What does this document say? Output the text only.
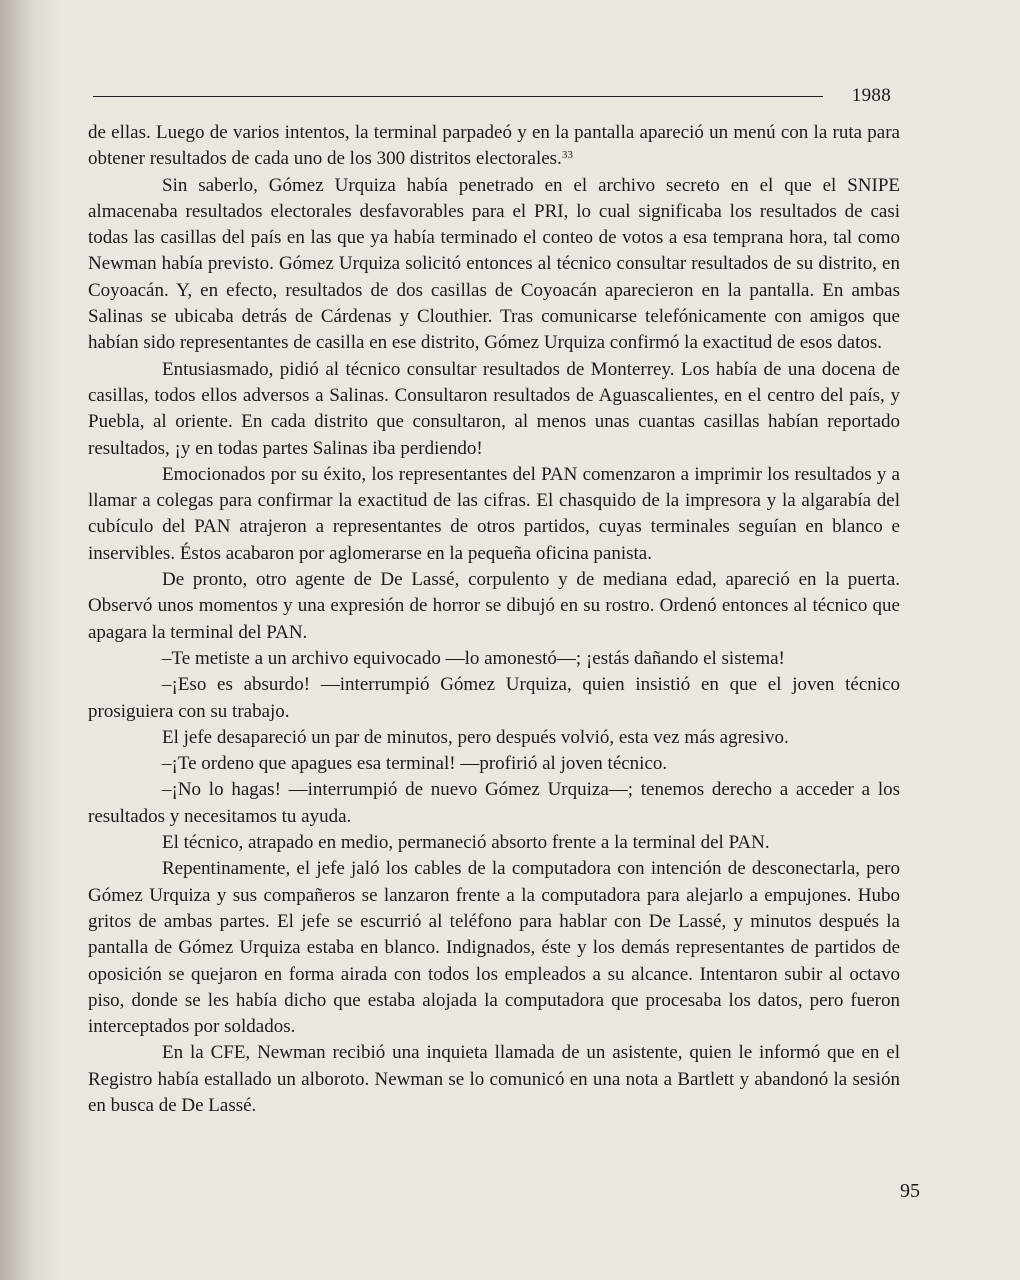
1988

de ellas. Luego de varios intentos, la terminal parpadeó y en la pantalla apareció un menú con la ruta para obtener resultados de cada uno de los 300 distritos electorales.$^{33}$

Sin saberlo, Gómez Urquiza había penetrado en el archivo secreto en el que el SNIPE almacenaba resultados electorales desfavorables para el PRI, lo cual significaba los resultados de casi todas las casillas del país en las que ya había terminado el conteo de votos a esa temprana hora, tal como Newman había previsto. Gómez Urquiza solicitó entonces al técnico consultar resultados de su distrito, en Coyoacán. Y, en efecto, resultados de dos casillas de Coyoacán aparecieron en la pantalla. En ambas Salinas se ubicaba detrás de Cárdenas y Clouthier. Tras comunicarse telefónicamente con amigos que habían sido representantes de casilla en ese distrito, Gómez Urquiza confirmó la exactitud de esos datos.

Entusiasmado, pidió al técnico consultar resultados de Monterrey. Los había de una docena de casillas, todos ellos adversos a Salinas. Consultaron resultados de Aguascalientes, en el centro del país, y Puebla, al oriente. En cada distrito que consultaron, al menos unas cuantas casillas habían reportado resultados, ¡y en todas partes Salinas iba perdiendo!

Emocionados por su éxito, los representantes del PAN comenzaron a imprimir los resultados y a llamar a colegas para confirmar la exactitud de las cifras. El chasquido de la impresora y la algarabía del cubículo del PAN atrajeron a representantes de otros partidos, cuyas terminales seguían en blanco e inservibles. Éstos acabaron por aglomerarse en la pequeña oficina panista.

De pronto, otro agente de De Lassé, corpulento y de mediana edad, apareció en la puerta. Observó unos momentos y una expresión de horror se dibujó en su rostro. Ordenó entonces al técnico que apagara la terminal del PAN.

–Te metiste a un archivo equivocado —lo amonestó—; ¡estás dañando el sistema!

–¡Eso es absurdo! —interrumpió Gómez Urquiza, quien insistió en que el joven técnico prosiguiera con su trabajo.

El jefe desapareció un par de minutos, pero después volvió, esta vez más agresivo.

–¡Te ordeno que apagues esa terminal! —profirió al joven técnico.

–¡No lo hagas! —interrumpió de nuevo Gómez Urquiza—; tenemos derecho a acceder a los resultados y necesitamos tu ayuda.

El técnico, atrapado en medio, permaneció absorto frente a la terminal del PAN.

Repentinamente, el jefe jaló los cables de la computadora con intención de desconectarla, pero Gómez Urquiza y sus compañeros se lanzaron frente a la computadora para alejarlo a empujones. Hubo gritos de ambas partes. El jefe se escurrió al teléfono para hablar con De Lassé, y minutos después la pantalla de Gómez Urquiza estaba en blanco. Indignados, éste y los demás representantes de partidos de oposición se quejaron en forma airada con todos los empleados a su alcance. Intentaron subir al octavo piso, donde se les había dicho que estaba alojada la computadora que procesaba los datos, pero fueron interceptados por soldados.

En la CFE, Newman recibió una inquieta llamada de un asistente, quien le informó que en el Registro había estallado un alboroto. Newman se lo comunicó en una nota a Bartlett y abandonó la sesión en busca de De Lassé.

95
